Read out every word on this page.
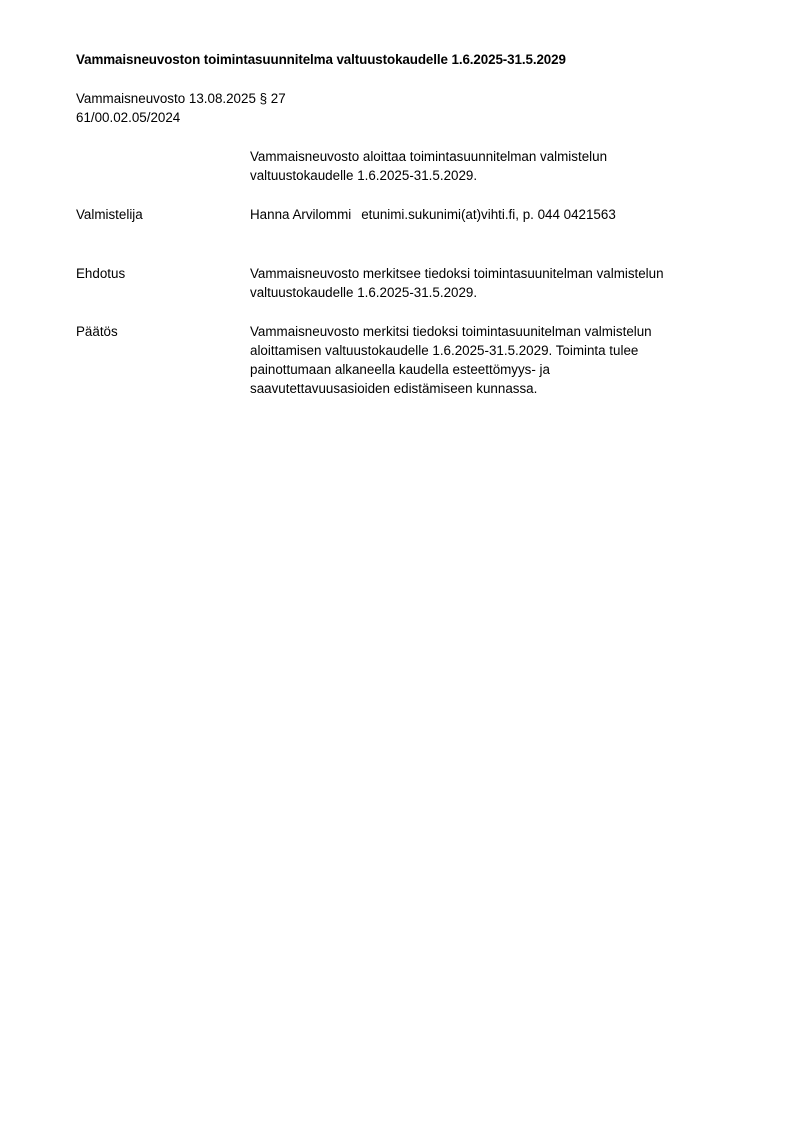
Vammaisneuvoston toimintasuunnitelma valtuustokaudelle 1.6.2025-31.5.2029
Vammaisneuvosto 13.08.2025 § 27
61/00.02.05/2024
Vammaisneuvosto aloittaa toimintasuunnitelman valmistelun
valtuustokaudelle 1.6.2025-31.5.2029.
Valmistelija	Hanna Arvilommi etunimi.sukunimi(at)vihti.fi, p. 044 0421563
Ehdotus	Vammaisneuvosto merkitsee tiedoksi toimintasuunitelman valmistelun
valtuustokaudelle 1.6.2025-31.5.2029.
Päätös	Vammaisneuvosto merkitsi tiedoksi toimintasuunitelman valmistelun
aloittamisen valtuustokaudelle 1.6.2025-31.5.2029. Toiminta tulee
painottumaan alkaneella kaudella esteettömyys- ja
saavutettavuusasioiden edistämiseen kunnassa.
